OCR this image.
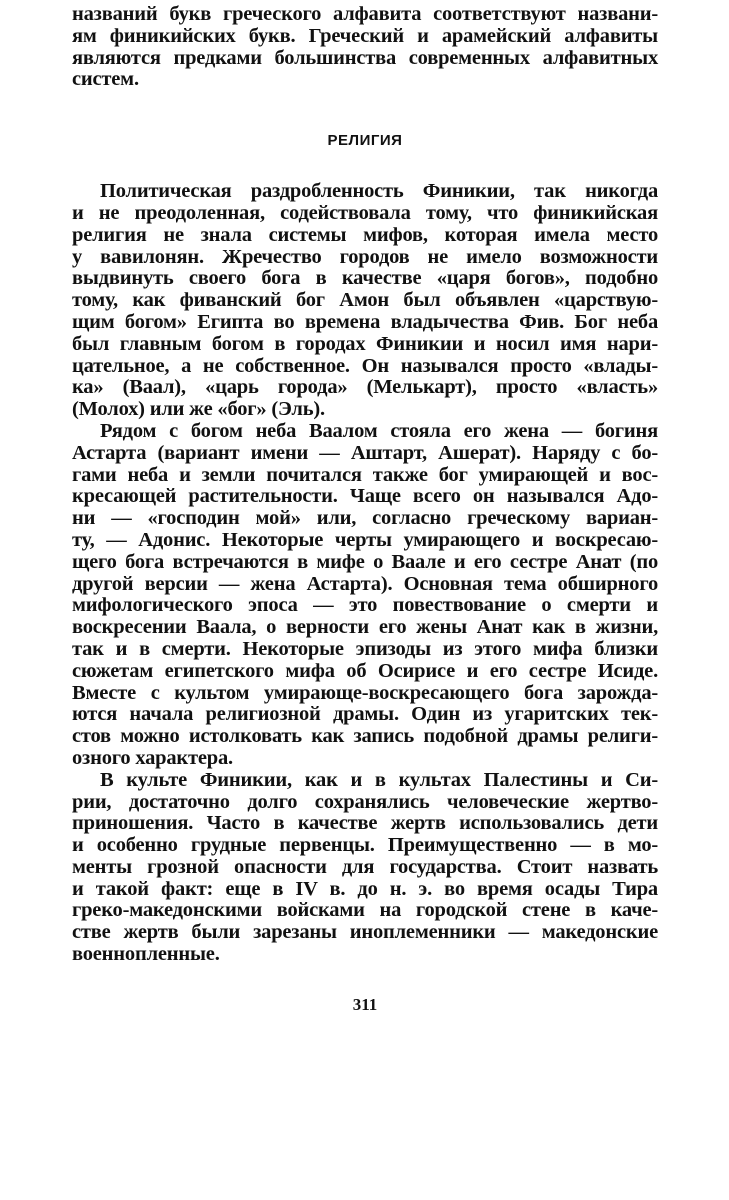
названий букв греческого алфавита соответствуют названи-
ям финикийских букв. Греческий и арамейский алфавиты
являются предками большинства современных алфавитных
систем.
РЕЛИГИЯ
Политическая раздробленность Финикии, так никогда
и не преодоленная, содействовала тому, что финикийская
религия не знала системы мифов, которая имела место
у вавилонян. Жречество городов не имело возможности
выдвинуть своего бога в качестве «царя богов», подобно
тому, как фиванский бог Амон был объявлен «царствую-
щим богом» Египта во времена владычества Фив. Бог неба
был главным богом в городах Финикии и носил имя нари-
цательное, а не собственное. Он назывался просто «влады-
ка» (Ваал), «царь города» (Мелькарт), просто «власть»
(Молох) или же «бог» (Эль).
Рядом с богом неба Ваалом стояла его жена — богиня
Астарта (вариант имени — Аштарт, Ашерат). Наряду с бо-
гами неба и земли почитался также бог умирающей и вос-
кресающей растительности. Чаще всего он назывался Адо-
ни — «господин мой» или, согласно греческому вариан-
ту, — Адонис. Некоторые черты умирающего и воскресаю-
щего бога встречаются в мифе о Ваале и его сестре Анат (по
другой версии — жена Астарта). Основная тема обширного
мифологического эпоса — это повествование о смерти и
воскресении Ваала, о верности его жены Анат как в жизни,
так и в смерти. Некоторые эпизоды из этого мифа близки
сюжетам египетского мифа об Осирисе и его сестре Исиде.
Вместе с культом умирающе-воскресающего бога зарожда-
ются начала религиозной драмы. Один из угаритских тек-
стов можно истолковать как запись подобной драмы религи-
озного характера.
В культе Финикии, как и в культах Палестины и Си-
рии, достаточно долго сохранялись человеческие жертво-
приношения. Часто в качестве жертв использовались дети
и особенно грудные первенцы. Преимущественно — в мо-
менты грозной опасности для государства. Стоит назвать
и такой факт: еще в IV в. до н. э. во время осады Тира
греко-македонскими войсками на городской стене в каче-
стве жертв были зарезаны иноплеменники — македонские
военнопленные.
311
